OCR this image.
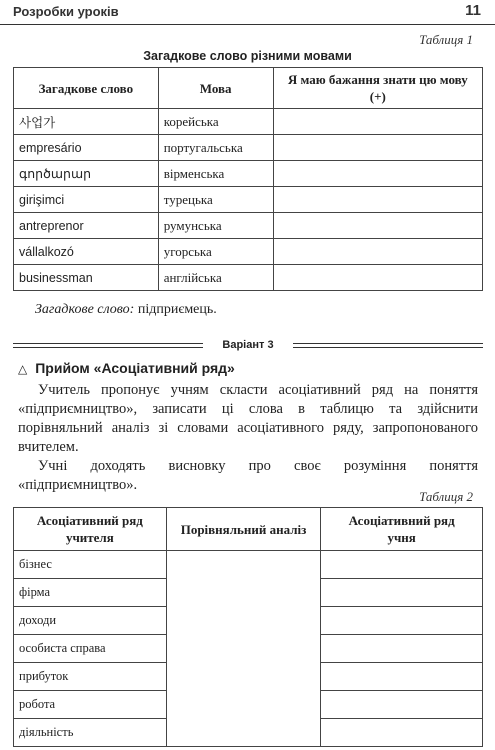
Розробки уроків	11
Таблиця 1
Загадкове слово різними мовами
Загадкове слово	Мова	Я маю бажання знати цю мову (+)
사업가	корейська	
empresário	португальська	
գործարար	вірменська	
girişimci	турецька	
antreprenor	румунська	
vállalkozó	угорська	
businessman	англійська	
Загадкове слово: підприємець.
Варіант 3
△ Прийом «Асоціативний ряд»
Учитель пропонує учням скласти асоціативний ряд на поняття «підприємництво», записати ці слова в таблицю та здійснити порівняльний аналіз зі словами асоціативного ряду, запропонованого вчителем.
Учні доходять висновку про своє розуміння поняття «підприємництво».
Таблиця 2
Асоціативний ряд учителя	Порівняльний аналіз	Асоціативний ряд учня
бізнес		
фірма		
доходи		
особиста справа		
прибуток		
робота		
діяльність		
